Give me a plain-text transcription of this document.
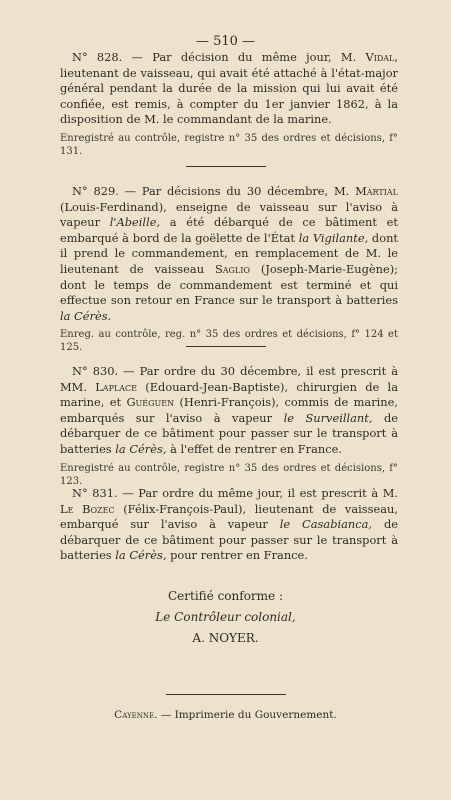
— 510 —

N° 828. — Par décision du même jour, M. Vidal, lieutenant de vaisseau, qui avait été attaché à l'état-major général pendant la durée de la mission qui lui avait été confiée, est remis, à compter du 1er janvier 1862, à la disposition de M. le commandant de la marine.

Enregistré au contrôle, registre n° 35 des ordres et décisions, f° 131.

N° 829. — Par décisions du 30 décembre, M. Martial (Louis-Ferdinand), enseigne de vaisseau sur l'aviso à vapeur l'Abeille, a été débarqué de ce bâtiment et embarqué à bord de la goëlette de l'État la Vigilante, dont il prend le commandement, en remplacement de M. le lieutenant de vaisseau Saglio (Joseph-Marie-Eugène); dont le temps de commandement est terminé et qui effectue son retour en France sur le transport à batteries la Cérès.

Enreg. au contrôle, reg. n° 35 des ordres et décisions, f° 124 et 125.

N° 830. — Par ordre du 30 décembre, il est prescrit à MM. Laplace (Edouard-Jean-Baptiste), chirurgien de la marine, et Guéguen (Henri-François), commis de marine, embarqués sur l'aviso à vapeur le Surveillant, de débarquer de ce bâtiment pour passer sur le transport à batteries la Cérès, à l'effet de rentrer en France.

Enregistré au contrôle, registre n° 35 des ordres et décisions, f° 123.

N° 831. — Par ordre du même jour, il est prescrit à M. Le Bozec (Félix-François-Paul), lieutenant de vaisseau, embarqué sur l'aviso à vapeur le Casabianca, de débarquer de ce bâtiment pour passer sur le transport à batteries la Cérès, pour rentrer en France.

Certifié conforme :
Le Contrôleur colonial,
A. NOYER.
Cayenne. — Imprimerie du Gouvernement.
